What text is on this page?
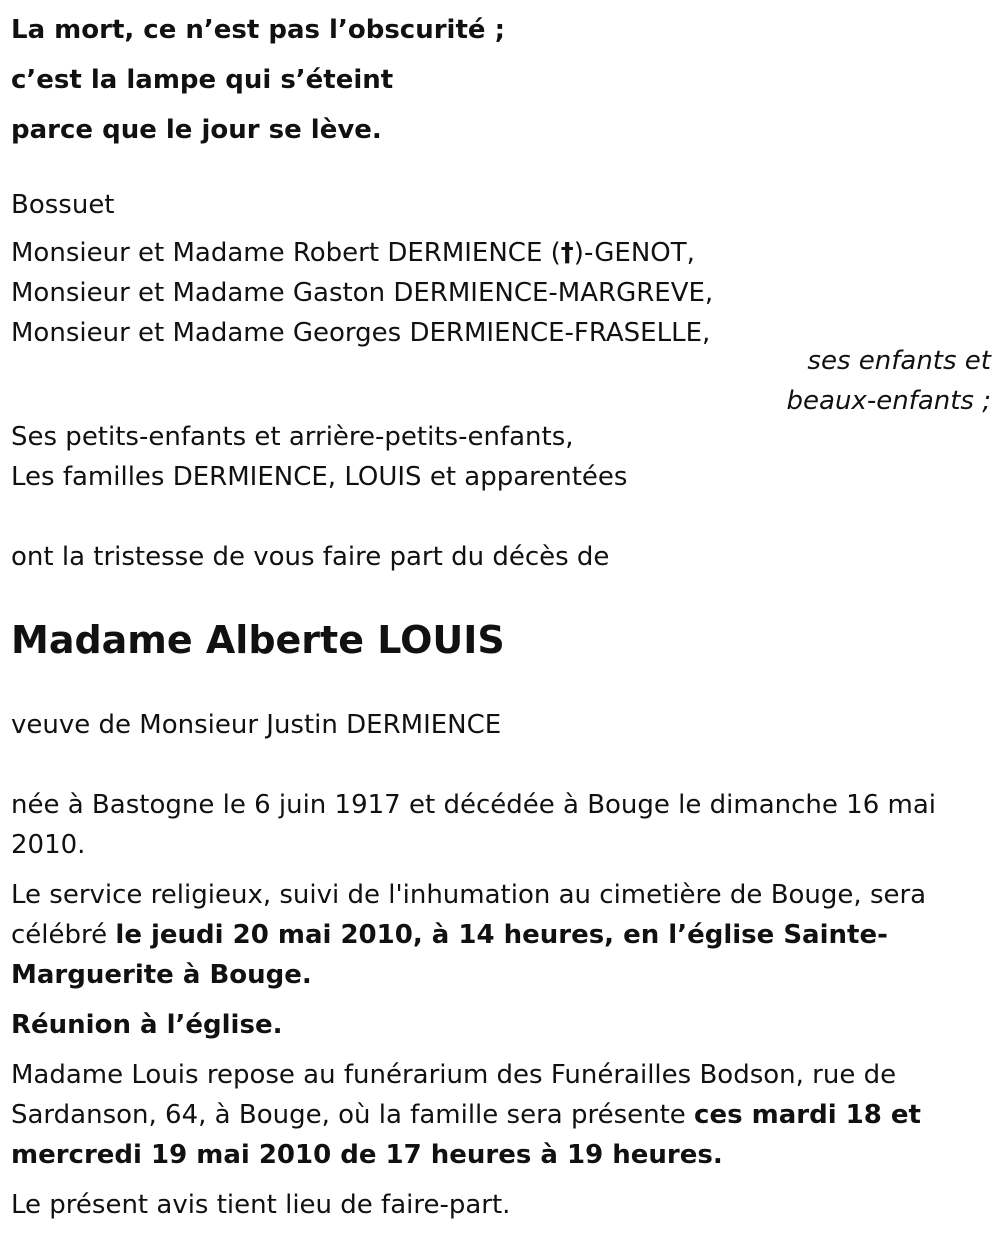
La mort, ce n’est pas l’obscurité ;
c’est la lampe qui s’éteint
parce que le jour se lève.
Bossuet
Monsieur et Madame Robert DERMIENCE (†)-GENOT,
Monsieur et Madame Gaston DERMIENCE-MARGREVE,
Monsieur et Madame Georges DERMIENCE-FRASELLE,
ses enfants et
beaux-enfants ;
Ses petits-enfants et arrière-petits-enfants,
Les familles DERMIENCE, LOUIS et apparentées
ont la tristesse de vous faire part du décès de
Madame Alberte LOUIS
veuve de Monsieur Justin DERMIENCE
née à Bastogne le 6 juin 1917 et décédée à Bouge le dimanche 16 mai 2010.
Le service religieux, suivi de l'inhumation au cimetière de Bouge, sera célébré le jeudi 20 mai 2010, à 14 heures, en l’église Sainte-Marguerite à Bouge.
Réunion à l’église.
Madame Louis repose au funérarium des Funérailles Bodson, rue de Sardanson, 64, à Bouge, où la famille sera présente ces mardi 18 et mercredi 19 mai 2010 de 17 heures à 19 heures.
Le présent avis tient lieu de faire-part.
